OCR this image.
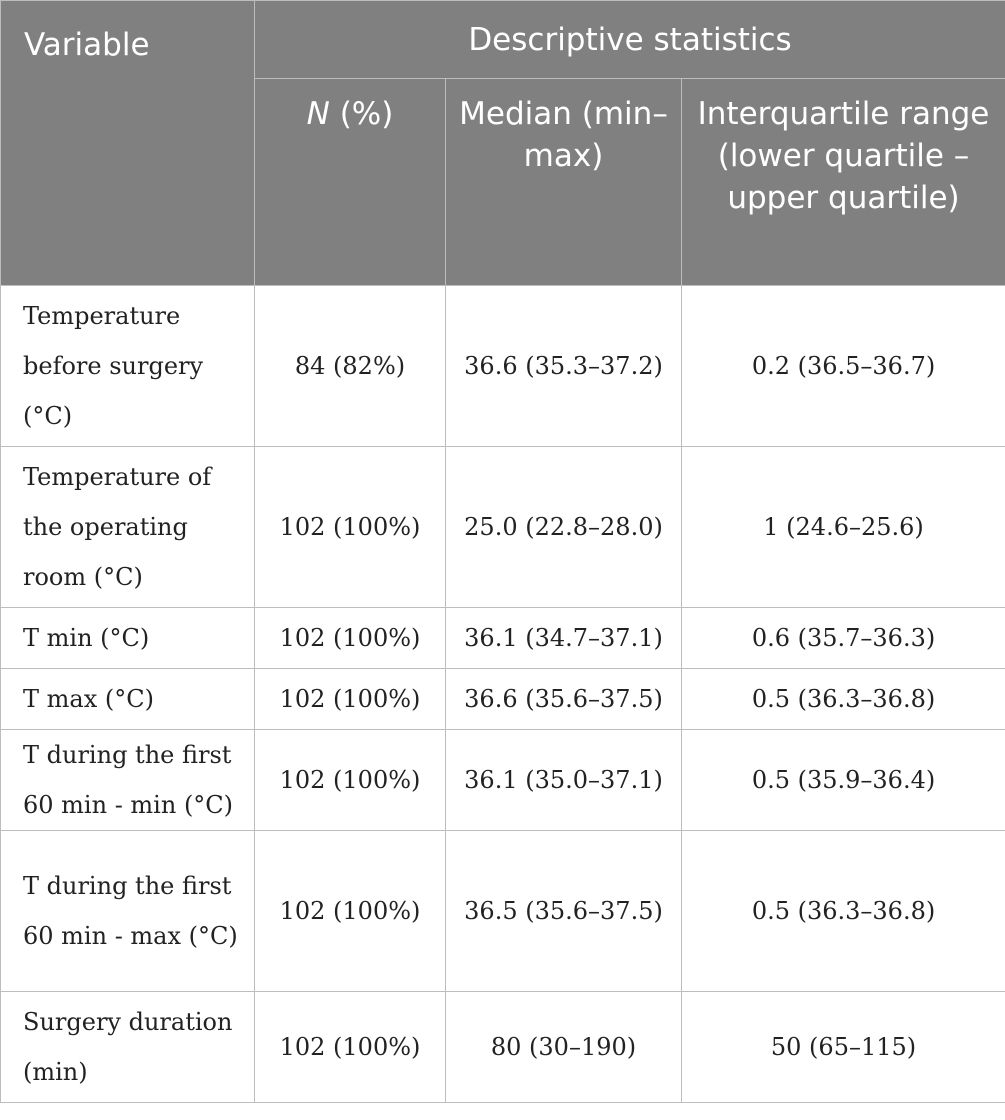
Variable	Descriptive statistics		
	N (%)	Median (min–max)	Interquartile range (lower quartile – upper quartile)
Temperature before surgery (°C)	84 (82%)	36.6 (35.3–37.2)	0.2 (36.5–36.7)
Temperature of the operating room (°C)	102 (100%)	25.0 (22.8–28.0)	1 (24.6–25.6)
T min (°C)	102 (100%)	36.1 (34.7–37.1)	0.6 (35.7–36.3)
T max (°C)	102 (100%)	36.6 (35.6–37.5)	0.5 (36.3–36.8)
T during the first 60 min - min (°C)	102 (100%)	36.1 (35.0–37.1)	0.5 (35.9–36.4)
T during the first 60 min - max (°C)	102 (100%)	36.5 (35.6–37.5)	0.5 (36.3–36.8)
Surgery duration (min)	102 (100%)	80 (30–190)	50 (65–115)
